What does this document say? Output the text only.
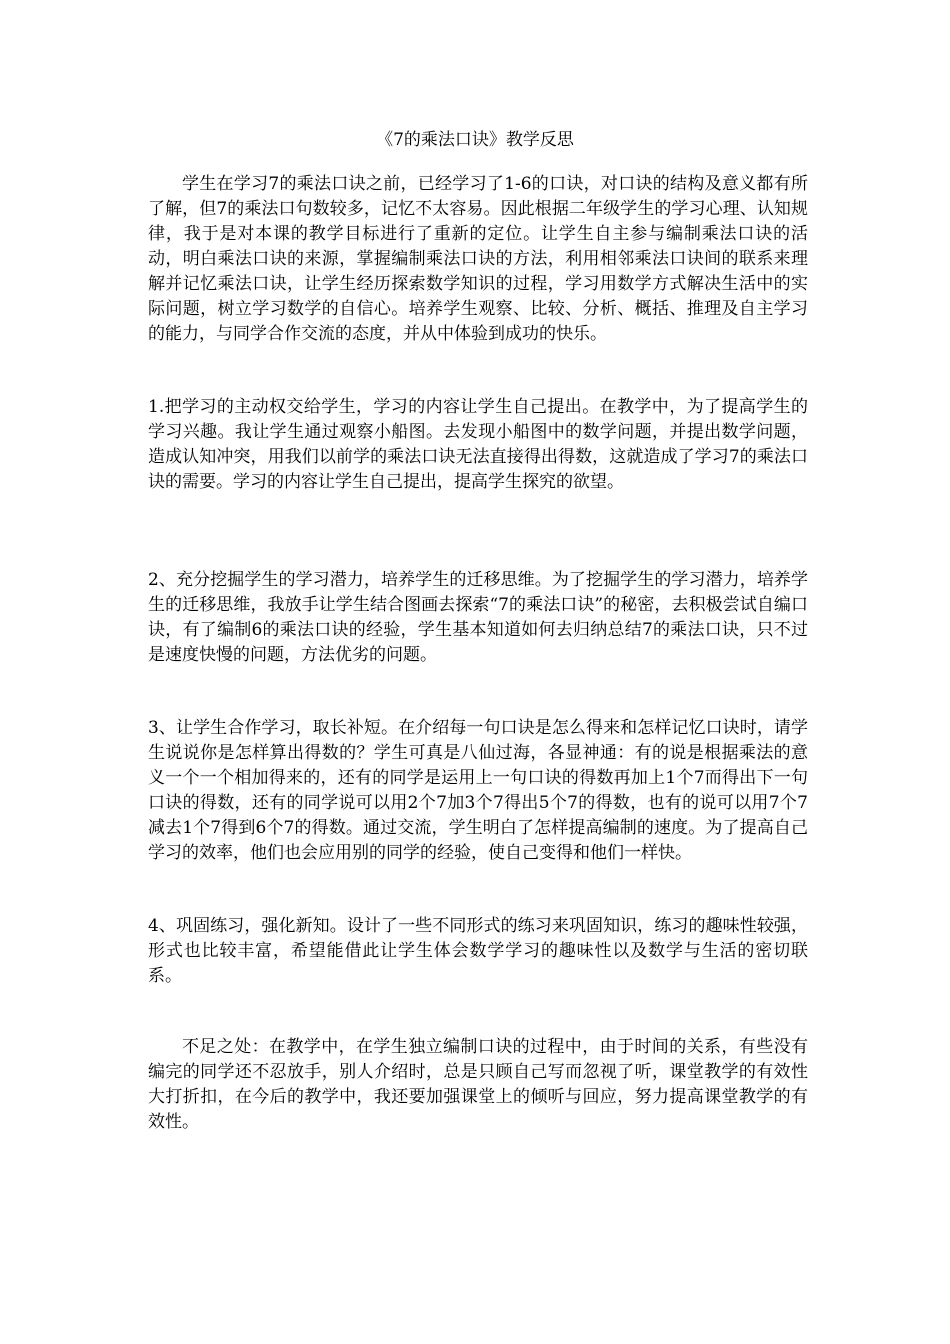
《7的乘法口诀》教学反思

学生在学习7的乘法口诀之前，已经学习了1-6的口诀，对口诀的结构及意义都有所了解，但7的乘法口句数较多，记忆不太容易。因此根据二年级学生的学习心理、认知规律，我于是对本课的教学目标进行了重新的定位。让学生自主参与编制乘法口诀的活动，明白乘法口诀的来源，掌握编制乘法口诀的方法，利用相邻乘法口诀间的联系来理解并记忆乘法口诀，让学生经历探索数学知识的过程，学习用数学方式解决生活中的实际问题，树立学习数学的自信心。培养学生观察、比较、分析、概括、推理及自主学习的能力，与同学合作交流的态度，并从中体验到成功的快乐。

1.把学习的主动权交给学生，学习的内容让学生自己提出。在教学中，为了提高学生的学习兴趣。我让学生通过观察小船图。去发现小船图中的数学问题，并提出数学问题，造成认知冲突，用我们以前学的乘法口诀无法直接得出得数，这就造成了学习7的乘法口诀的需要。学习的内容让学生自己提出，提高学生探究的欲望。

2、充分挖掘学生的学习潜力，培养学生的迁移思维。为了挖掘学生的学习潜力，培养学生的迁移思维，我放手让学生结合图画去探索“7的乘法口诀”的秘密，去积极尝试自编口诀，有了编制6的乘法口诀的经验，学生基本知道如何去归纳总结7的乘法口诀，只不过是速度快慢的问题，方法优劣的问题。

3、让学生合作学习，取长补短。在介绍每一句口诀是怎么得来和怎样记忆口诀时，请学生说说你是怎样算出得数的？学生可真是八仙过海，各显神通：有的说是根据乘法的意义一个一个相加得来的，还有的同学是运用上一句口诀的得数再加上1个7而得出下一句口诀的得数，还有的同学说可以用2个7加3个7得出5个7的得数，也有的说可以用7个7减去1个7得到6个7的得数。通过交流，学生明白了怎样提高编制的速度。为了提高自己学习的效率，他们也会应用别的同学的经验，使自己变得和他们一样快。

4、巩固练习，强化新知。设计了一些不同形式的练习来巩固知识，练习的趣味性较强，形式也比较丰富，希望能借此让学生体会数学学习的趣味性以及数学与生活的密切联系。

不足之处：在教学中，在学生独立编制口诀的过程中，由于时间的关系，有些没有编完的同学还不忍放手，别人介绍时，总是只顾自己写而忽视了听，课堂教学的有效性大打折扣，在今后的教学中，我还要加强课堂上的倾听与回应，努力提高课堂教学的有效性。
